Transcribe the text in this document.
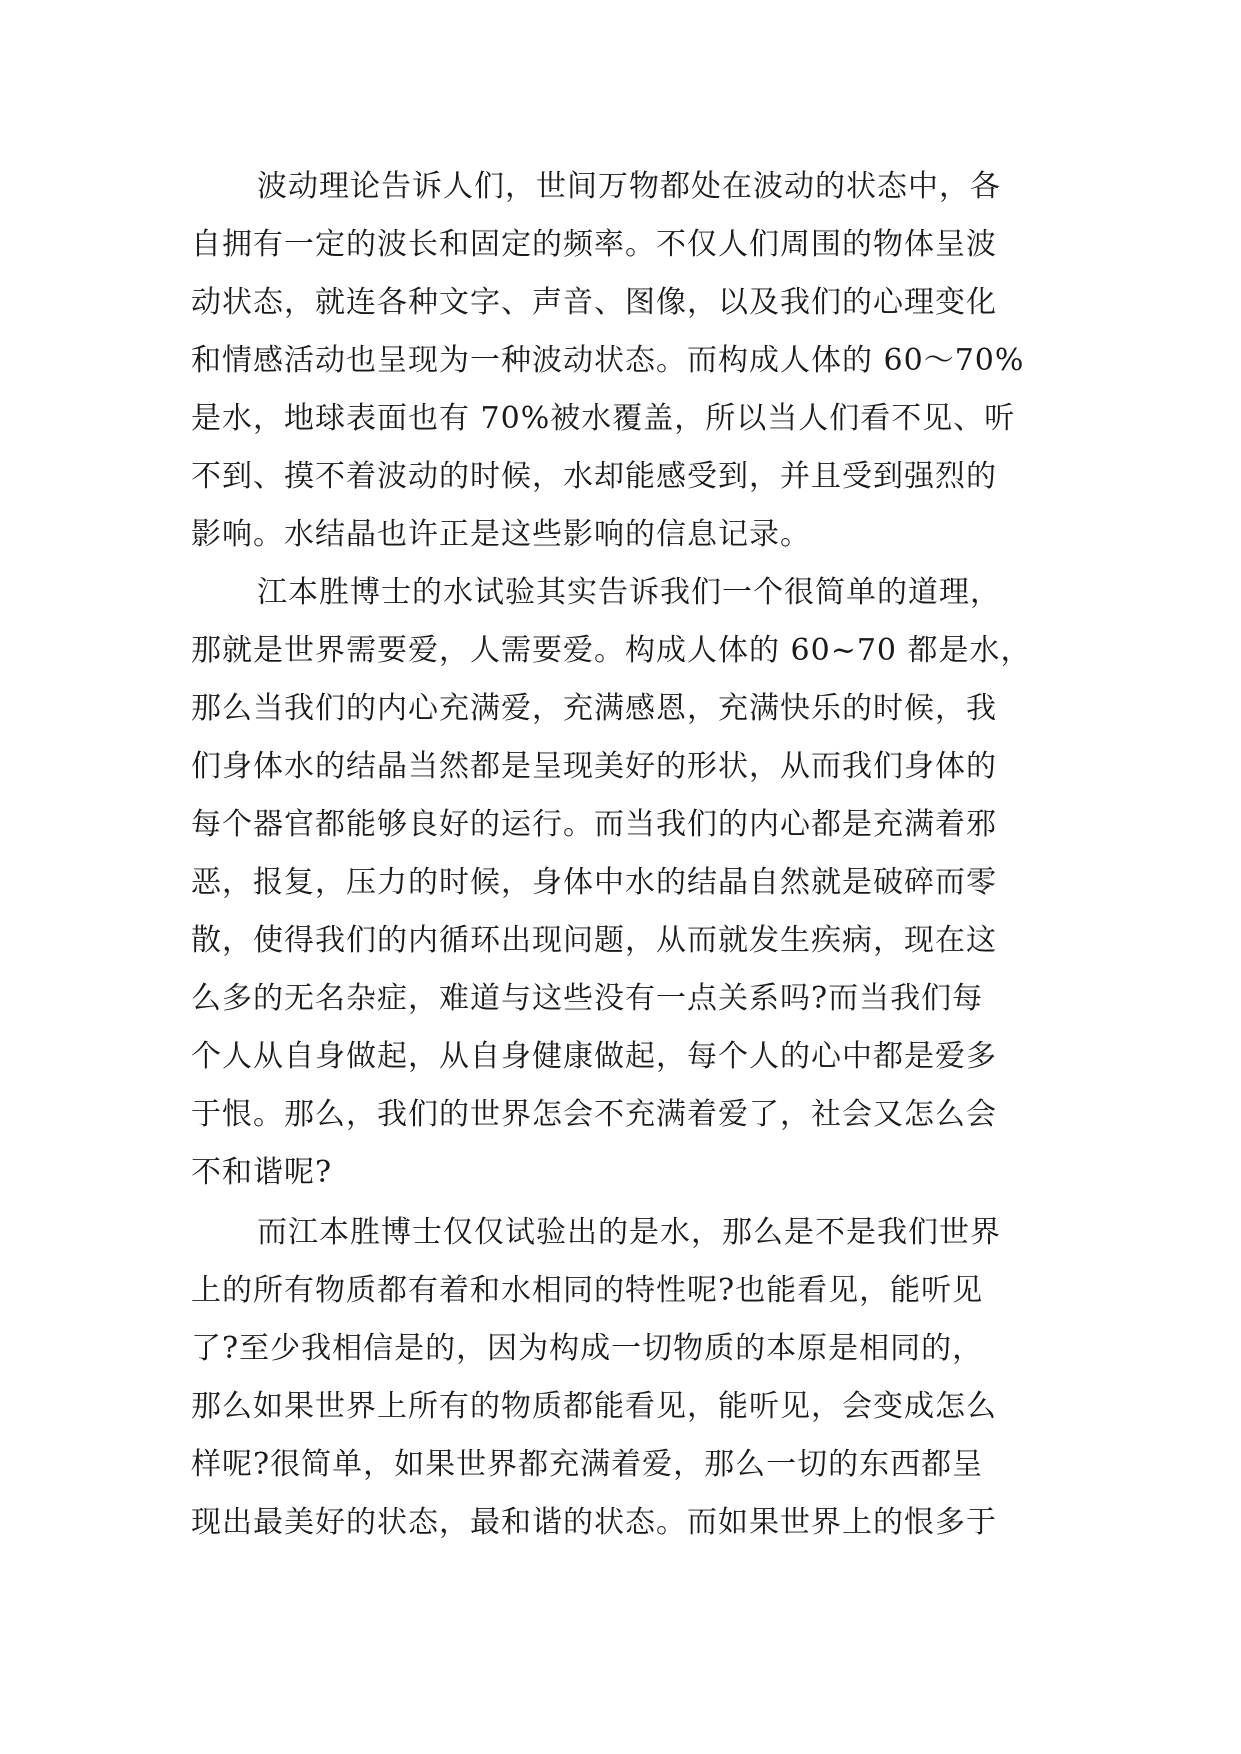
波动理论告诉人们，世间万物都处在波动的状态中，各
自拥有一定的波长和固定的频率。不仅人们周围的物体呈波
动状态，就连各种文字、声音、图像，以及我们的心理变化
和情感活动也呈现为一种波动状态。而构成人体的 60～70%
是水，地球表面也有 70%被水覆盖，所以当人们看不见、听
不到、摸不着波动的时候，水却能感受到，并且受到强烈的
影响。水结晶也许正是这些影响的信息记录。
江本胜博士的水试验其实告诉我们一个很简单的道理，
那就是世界需要爱，人需要爱。构成人体的 60~70 都是水，
那么当我们的内心充满爱，充满感恩，充满快乐的时候，我
们身体水的结晶当然都是呈现美好的形状，从而我们身体的
每个器官都能够良好的运行。而当我们的内心都是充满着邪
恶，报复，压力的时候，身体中水的结晶自然就是破碎而零
散，使得我们的内循环出现问题，从而就发生疾病，现在这
么多的无名杂症，难道与这些没有一点关系吗?而当我们每
个人从自身做起，从自身健康做起，每个人的心中都是爱多
于恨。那么，我们的世界怎会不充满着爱了，社会又怎么会
不和谐呢?
而江本胜博士仅仅试验出的是水，那么是不是我们世界
上的所有物质都有着和水相同的特性呢?也能看见，能听见
了?至少我相信是的，因为构成一切物质的本原是相同的，
那么如果世界上所有的物质都能看见，能听见，会变成怎么
样呢?很简单，如果世界都充满着爱，那么一切的东西都呈
现出最美好的状态，最和谐的状态。而如果世界上的恨多于
